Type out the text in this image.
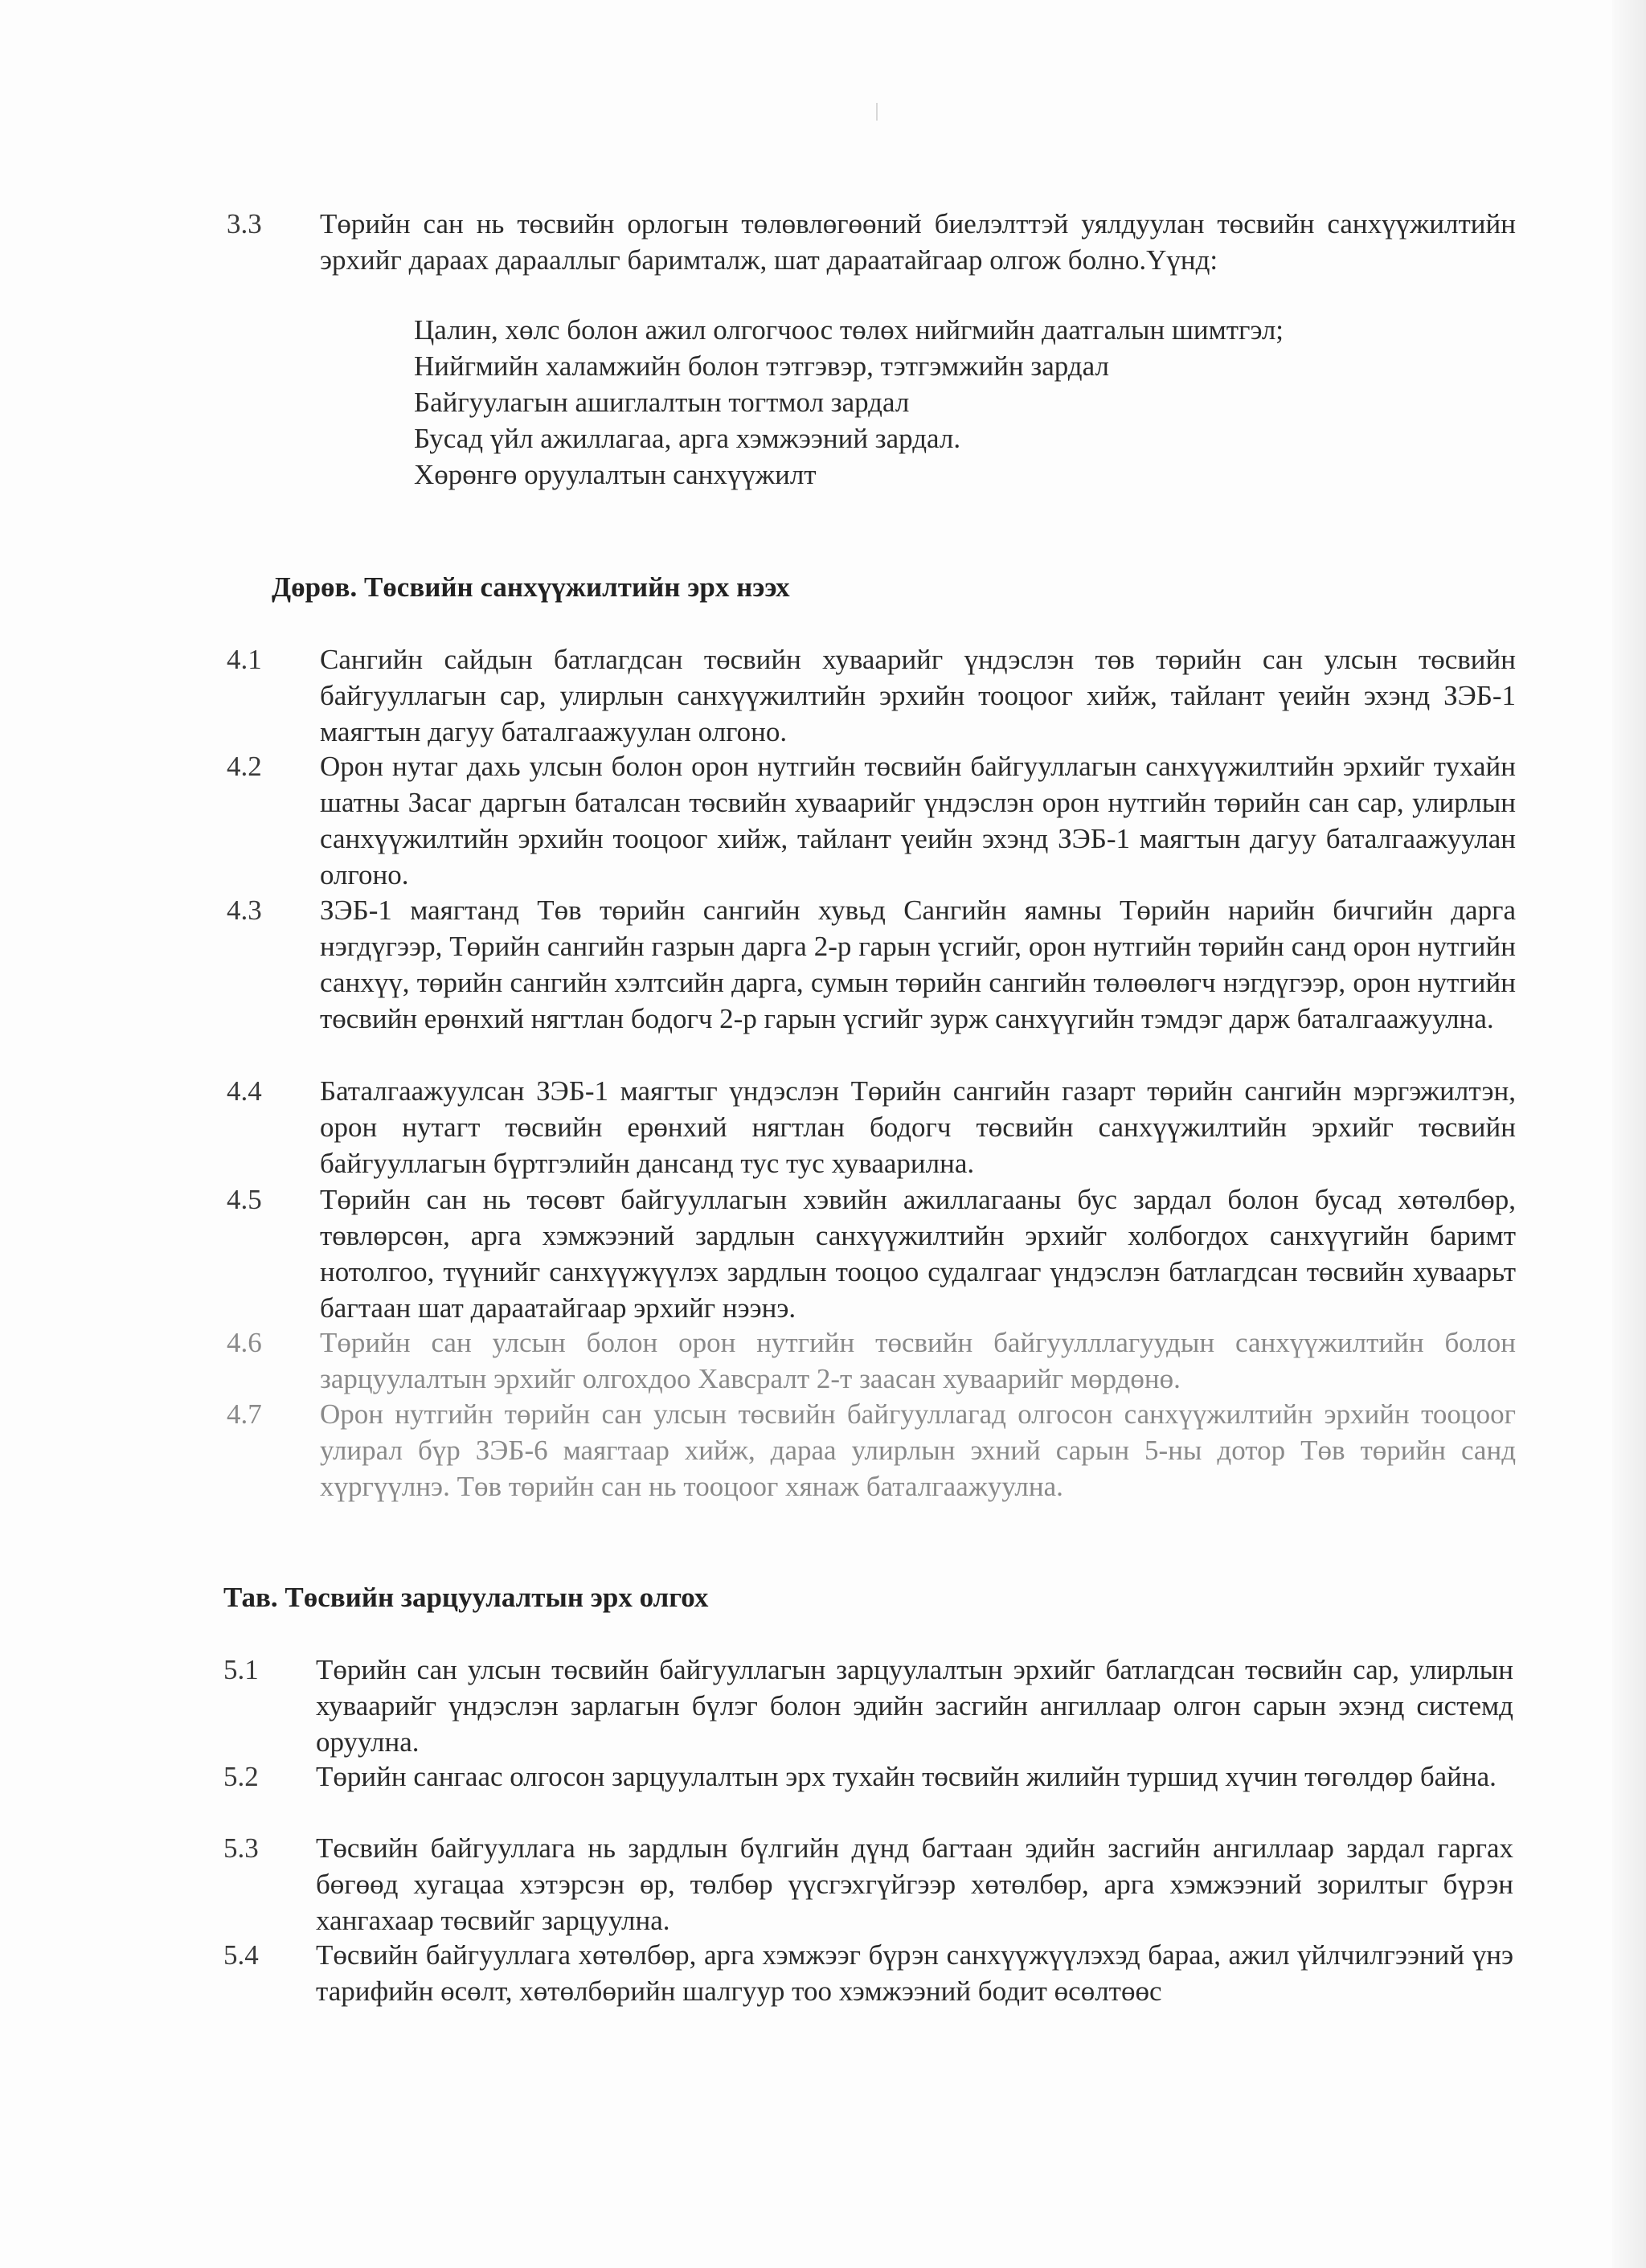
3.3 Төрийн сан нь төсвийн орлогын төлөвлөгөөний биелэлттэй уялдуулан төсвийн санхүүжилтийн эрхийг дараах дарааллыг баримталж, шат дараатайгаар олгож болно.Үүнд:
Цалин, хөлс болон ажил олгогчоос төлөх нийгмийн даатгалын шимтгэл;
Нийгмийн халамжийн болон тэтгэвэр, тэтгэмжийн зардал
Байгуулагын ашиглалтын тогтмол зардал
Бусад үйл ажиллагаа, арга хэмжээний зардал.
Хөрөнгө оруулалтын санхүүжилт
Дөрөв. Төсвийн санхүүжилтийн эрх нээх
4.1 Сангийн сайдын батлагдсан төсвийн хуваарийг үндэслэн төв төрийн сан улсын төсвийн байгууллагын сар, улирлын санхүүжилтийн эрхийн тооцоог хийж, тайлант үеийн эхэнд ЗЭБ-1 маягтын дагуу баталгаажуулан олгоно.
4.2 Орон нутаг дахь улсын болон орон нутгийн төсвийн байгууллагын санхүүжилтийн эрхийг тухайн шатны Засаг даргын баталсан төсвийн хуваарийг үндэслэн орон нутгийн төрийн сан сар, улирлын санхүүжилтийн эрхийн тооцоог хийж, тайлант үеийн эхэнд ЗЭБ-1 маягтын дагуу баталгаажуулан олгоно.
4.3 ЗЭБ-1 маягтанд Төв төрийн сангийн хувьд Сангийн яамны Төрийн нарийн бичгийн дарга нэгдүгээр, Төрийн сангийн газрын дарга 2-р гарын үсгийг, орон нутгийн төрийн санд орон нутгийн санхүү, төрийн сангийн хэлтсийн дарга, сумын төрийн сангийн төлөөлөгч нэгдүгээр, орон нутгийн төсвийн ерөнхий нягтлан бодогч 2-р гарын үсгийг зурж санхүүгийн тэмдэг дарж баталгаажуулна.
4.4 Баталгаажуулсан ЗЭБ-1 маягтыг үндэслэн Төрийн сангийн газарт төрийн сангийн мэргэжилтэн, орон нутагт төсвийн ерөнхий нягтлан бодогч төсвийн санхүүжилтийн эрхийг төсвийн байгууллагын бүртгэлийн дансанд тус тус хуваарилна.
4.5 Төрийн сан нь төсөвт байгууллагын хэвийн ажиллагааны бус зардал болон бусад хөтөлбөр, төвлөрсөн, арга хэмжээний зардлын санхүүжилтийн эрхийг холбогдох санхүүгийн баримт нотолгоо, түүнийг санхүүжүүлэх зардлын тооцоо судалгааг үндэслэн батлагдсан төсвийн хуваарьт багтаан шат дараатайгаар эрхийг нээнэ.
4.6 Төрийн сан улсын болон орон нутгийн төсвийн байгуулллагуудын санхүүжилтийн болон зарцуулалтын эрхийг олгохдоо Хавсралт 2-т заасан хуваарийг мөрдөнө.
4.7 Орон нутгийн төрийн сан улсын төсвийн байгууллагад олгосон санхүүжилтийн эрхийн тооцоог улирал бүр ЗЭБ-6 маягтаар хийж, дараа улирлын эхний сарын 5-ны дотор Төв төрийн санд хүргүүлнэ. Төв төрийн сан нь тооцоог хянаж баталгаажуулна.
Тав. Төсвийн зарцуулалтын эрх олгох
5.1 Төрийн сан улсын төсвийн байгууллагын зарцуулалтын эрхийг батлагдсан төсвийн сар, улирлын хуваарийг үндэслэн зарлагын бүлэг болон эдийн засгийн ангиллаар олгон сарын эхэнд системд оруулна.
5.2 Төрийн сангаас олгосон зарцуулалтын эрх тухайн төсвийн жилийн туршид хүчин төгөлдөр байна.
5.3 Төсвийн байгууллага нь зардлын бүлгийн дүнд багтаан эдийн засгийн ангиллаар зардал гаргах бөгөөд хугацаа хэтэрсэн өр, төлбөр үүсгэхгүйгээр хөтөлбөр, арга хэмжээний зорилтыг бүрэн хангахаар төсвийг зарцуулна.
5.4 Төсвийн байгууллага хөтөлбөр, арга хэмжээг бүрэн санхүүжүүлэхэд бараа, ажил үйлчилгээний үнэ тарифийн өсөлт, хөтөлбөрийн шалгуур тоо хэмжээний бодит өсөлтөөс
